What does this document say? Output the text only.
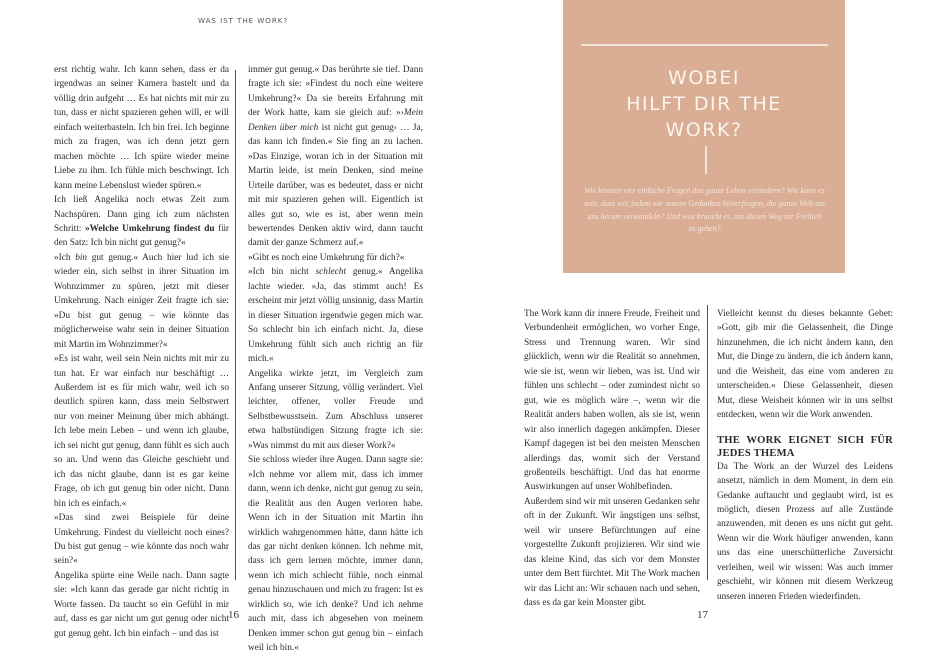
WAS IST THE WORK?

erst richtig wahr. Ich kann sehen, dass er da irgendwas an seiner Kamera bastelt und da völlig drin aufgeht … Es hat nichts mit mir zu tun, dass er nicht spazieren gehen will, er will einfach weiterbasteln. Ich bin frei. Ich beginne mich zu fragen, was ich denn jetzt gern machen möchte … Ich spüre wieder meine Liebe zu ihm. Ich fühle mich beschwingt. Ich kann meine Lebenslust wieder spüren.«

Ich ließ Angelika noch etwas Zeit zum Nachspüren. Dann ging ich zum nächsten Schritt: »Welche Umkehrung findest du für den Satz: Ich bin nicht gut genug?«

»Ich bin gut genug.« Auch hier lud ich sie wieder ein, sich selbst in ihrer Situation im Wohnzimmer zu spüren, jetzt mit dieser Umkehrung. Nach einiger Zeit fragte ich sie: »Du bist gut genug – wie könnte das möglicherweise wahr sein in deiner Situation mit Martin im Wohnzimmer?«

»Es ist wahr, weil sein Nein nichts mit mir zu tun hat. Er war einfach nur beschäftigt … Außerdem ist es für mich wahr, weil ich so deutlich spüren kann, dass mein Selbstwert nur von meiner Meinung über mich abhängt. Ich lebe mein Leben – und wenn ich glaube, ich sei nicht gut genug, dann fühlt es sich auch so an. Und wenn das Gleiche geschieht und ich das nicht glaube, dann ist es gar keine Frage, ob ich gut genug bin oder nicht. Dann bin ich es einfach.«

»Das sind zwei Beispiele für deine Umkehrung. Findest du vielleicht noch eines? Du bist gut genug – wie könnte das noch wahr sein?«

Angelika spürte eine Weile nach. Dann sagte sie: »Ich kann das gerade gar nicht richtig in Worte fassen. Da taucht so ein Gefühl in mir auf, dass es gar nicht um gut genug oder nicht gut genug geht. Ich bin einfach – und das ist

immer gut genug.« Das berührte sie tief. Dann fragte ich sie: »Findest du noch eine weitere Umkehrung?« Da sie bereits Erfahrung mit der Work hatte, kam sie gleich auf: »›Mein Denken über mich ist nicht gut genug‹ … Ja, das kann ich finden.« Sie fing an zu lachen. »Das Einzige, woran ich in der Situation mit Martin leide, ist mein Denken, sind meine Urteile darüber, was es bedeutet, dass er nicht mit mir spazieren gehen will. Eigentlich ist alles gut so, wie es ist, aber wenn mein bewertendes Denken aktiv wird, dann taucht damit der ganze Schmerz auf.«

»Gibt es noch eine Umkehrung für dich?«

»Ich bin nicht schlecht genug.« Angelika lachte wieder. »Ja, das stimmt auch! Es erscheint mir jetzt völlig unsinnig, dass Martin in dieser Situation irgendwie gegen mich war. So schlecht bin ich einfach nicht. Ja, diese Umkehrung fühlt sich auch richtig an für mich.«

Angelika wirkte jetzt, im Vergleich zum Anfang unserer Sitzung, völlig verändert. Viel leichter, offener, voller Freude und Selbstbewusstsein. Zum Abschluss unserer etwa halbstündigen Sitzung fragte ich sie: »Was nimmst du mit aus dieser Work?«

Sie schloss wieder ihre Augen. Dann sagte sie: »Ich nehme vor allem mit, dass ich immer dann, wenn ich denke, nicht gut genug zu sein, die Realität aus den Augen verloren habe. Wenn ich in der Situation mit Martin ihn wirklich wahrgenommen hätte, dann hätte ich das gar nicht denken können. Ich nehme mit, dass ich gern lernen möchte, immer dann, wenn ich mich schlecht fühle, noch einmal genau hinzuschauen und mich zu fragen: Ist es wirklich so, wie ich denke? Und ich nehme auch mit, dass ich abgesehen von meinem Denken immer schon gut genug bin – einfach weil ich bin.«

16
WOBEI
HILFT DIR THE
WORK?
Wie können vier einfache Fragen das ganze Leben verändern? Wie kann es sein, dass wir, indem wir unsere Gedanken hinterfragen, die ganze Welt um uns herum verwandeln? Und was braucht es, um diesen Weg zur Freiheit zu gehen?

The Work kann dir innere Freude, Freiheit und Verbundenheit ermöglichen, wo vorher Enge, Stress und Trennung waren. Wir sind glücklich, wenn wir die Realität so annehmen, wie sie ist, wenn wir lieben, was ist. Und wir fühlen uns schlecht – oder zumindest nicht so gut, wie es möglich wäre –, wenn wir die Realität anders haben wollen, als sie ist, wenn wir also innerlich dagegen ankämpfen. Dieser Kampf dagegen ist bei den meisten Menschen allerdings das, womit sich der Verstand großenteils beschäftigt. Und das hat enorme Auswirkungen auf unser Wohlbefinden.

Außerdem sind wir mit unseren Gedanken sehr oft in der Zukunft. Wir ängstigen uns selbst, weil wir unsere Befürchtungen auf eine vorgestellte Zukunft projizieren. Wir sind wie das kleine Kind, das sich vor dem Monster unter dem Bett fürchtet. Mit The Work machen wir das Licht an: Wir schauen nach und sehen, dass es da gar kein Monster gibt.

Vielleicht kennst du dieses bekannte Gebet: »Gott, gib mir die Gelassenheit, die Dinge hinzunehmen, die ich nicht ändern kann, den Mut, die Dinge zu ändern, die ich ändern kann, und die Weisheit, das eine vom anderen zu unterscheiden.« Diese Gelassenheit, diesen Mut, diese Weisheit können wir in uns selbst entdecken, wenn wir die Work anwenden.

THE WORK EIGNET SICH FÜR JEDES THEMA

Da The Work an der Wurzel des Leidens ansetzt, nämlich in dem Moment, in dem ein Gedanke auftaucht und geglaubt wird, ist es möglich, diesen Prozess auf alle Zustände anzuwenden, mit denen es uns nicht gut geht. Wenn wir die Work häufiger anwenden, kann uns das eine unerschütterliche Zuversicht verleihen, weil wir wissen: Was auch immer geschieht, wir können mit diesem Werkzeug unseren inneren Frieden wiederfinden.

17
